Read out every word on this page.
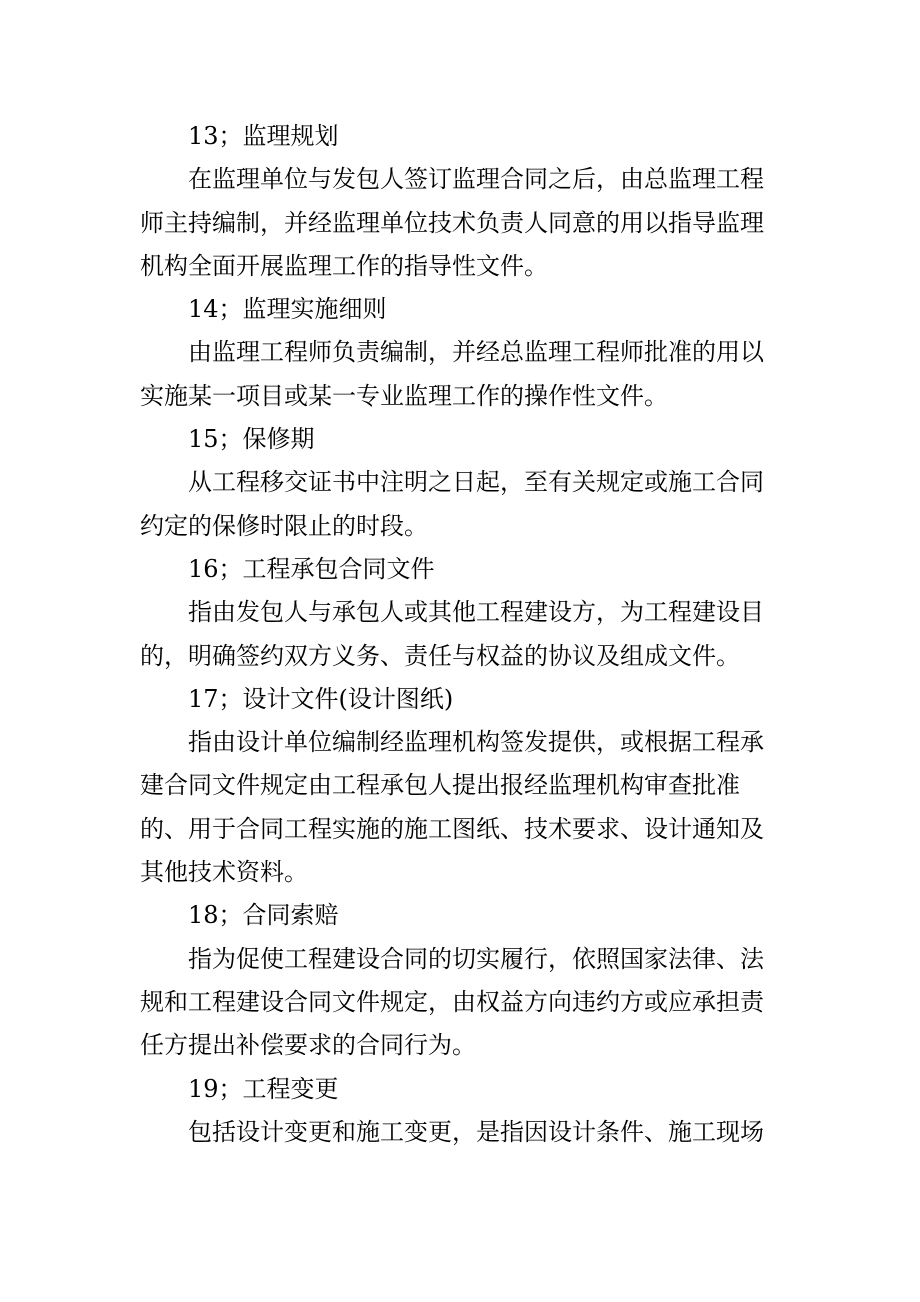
13；监理规划
在监理单位与发包人签订监理合同之后，由总监理工程
师主持编制，并经监理单位技术负责人同意的用以指导监理
机构全面开展监理工作的指导性文件。
14；监理实施细则
由监理工程师负责编制，并经总监理工程师批准的用以
实施某一项目或某一专业监理工作的操作性文件。
15；保修期
从工程移交证书中注明之日起，至有关规定或施工合同
约定的保修时限止的时段。
16；工程承包合同文件
指由发包人与承包人或其他工程建设方，为工程建设目
的，明确签约双方义务、责任与权益的协议及组成文件。
17；设计文件(设计图纸)
指由设计单位编制经监理机构签发提供，或根据工程承
建合同文件规定由工程承包人提出报经监理机构审查批准
的、用于合同工程实施的施工图纸、技术要求、设计通知及
其他技术资料。
18；合同索赔
指为促使工程建设合同的切实履行，依照国家法律、法
规和工程建设合同文件规定，由权益方向违约方或应承担责
任方提出补偿要求的合同行为。
19；工程变更
包括设计变更和施工变更，是指因设计条件、施工现场
